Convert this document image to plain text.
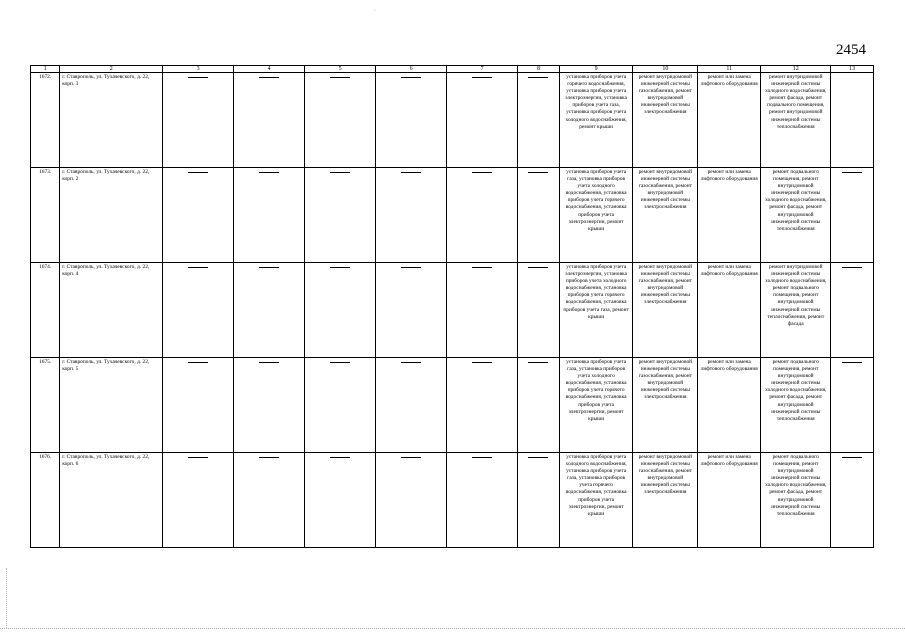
·
2454
1	2	3	4	5	6	7	8	9	10	11	12	13
1672.	г. Ставрополь, ул. Тухачевского, д. 22, корп. 3							установка приборов учета горячего водоснабжения, установка приборов учета электроэнергии, установка приборов учета газа, установка приборов учета холодного водоснабжения, ремонт крыши	ремонт внутридомовой инженерной системы газоснабжения, ремонт внутридомовой инженерной системы электроснабжения	ремонт или замена лифтового оборудования	ремонт внутридомовой инженерной системы холодного водоснабжения, ремонт фасада, ремонт подвального помещения, ремонт внутридомовой инженерной системы теплоснабжения	
1673.	г. Ставрополь, ул. Тухачевского, д. 22, корп. 2							установка приборов учета газа, установка приборов учета холодного водоснабжения, установка приборов учета горячего водоснабжения, установка приборов учета электроэнергии, ремонт крыши	ремонт внутридомовой инженерной системы газоснабжения, ремонт внутридомовой инженерной системы электроснабжения	ремонт или замена лифтового оборудования	ремонт подвального помещения, ремонт внутридомовой инженерной системы холодного водоснабжения, ремонт фасада, ремонт внутридомовой инженерной системы теплоснабжения	
1674.	г. Ставрополь, ул. Тухачевского, д. 22, корп. 4							установка приборов учета электроэнергии, установка приборов учета холодного водоснабжения, установка приборов учета горячего водоснабжения, установка приборов учета газа, ремонт крыши	ремонт внутридомовой инженерной системы газоснабжения, ремонт внутридомовой инженерной системы электроснабжения	ремонт или замена лифтового оборудования	ремонт внутридомовой инженерной системы холодного водоснабжения, ремонт подвального помещения, ремонт внутридомовой инженерной системы теплоснабжения, ремонт фасада	
1675.	г. Ставрополь, ул. Тухачевского, д. 22, корп. 5							установка приборов учета газа, установка приборов учета холодного водоснабжения, установка приборов учета горячего водоснабжения, установка приборов учета электроэнергии, ремонт крыши	ремонт внутридомовой инженерной системы газоснабжения, ремонт внутридомовой инженерной системы электроснабжения	ремонт или замена лифтового оборудования	ремонт подвального помещения, ремонт внутридомовой инженерной системы холодного водоснабжения, ремонт фасада, ремонт внутридомовой инженерной системы теплоснабжения	
1676.	г. Ставрополь, ул. Тухачевского, д. 22, корп. 6							установка приборов учета холодного водоснабжения, установка приборов учета газа, установка приборов учета горячего водоснабжения, установка приборов учета электроэнергии, ремонт крыши	ремонт внутридомовой инженерной системы газоснабжения, ремонт внутридомовой инженерной системы электроснабжения	ремонт или замена лифтового оборудования	ремонт подвального помещения, ремонт внутридомовой инженерной системы холодного водоснабжения, ремонт фасада, ремонт внутридомовой инженерной системы теплоснабжения	
